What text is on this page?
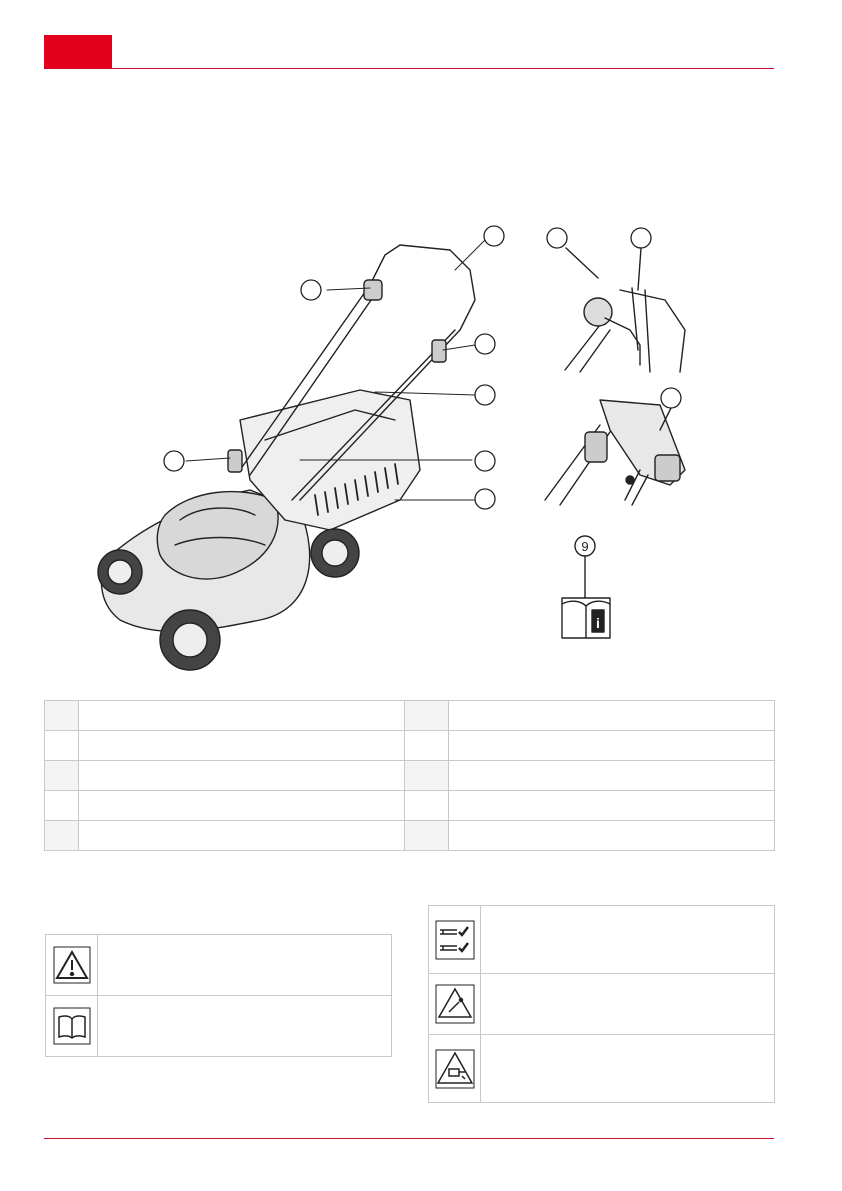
9
i
